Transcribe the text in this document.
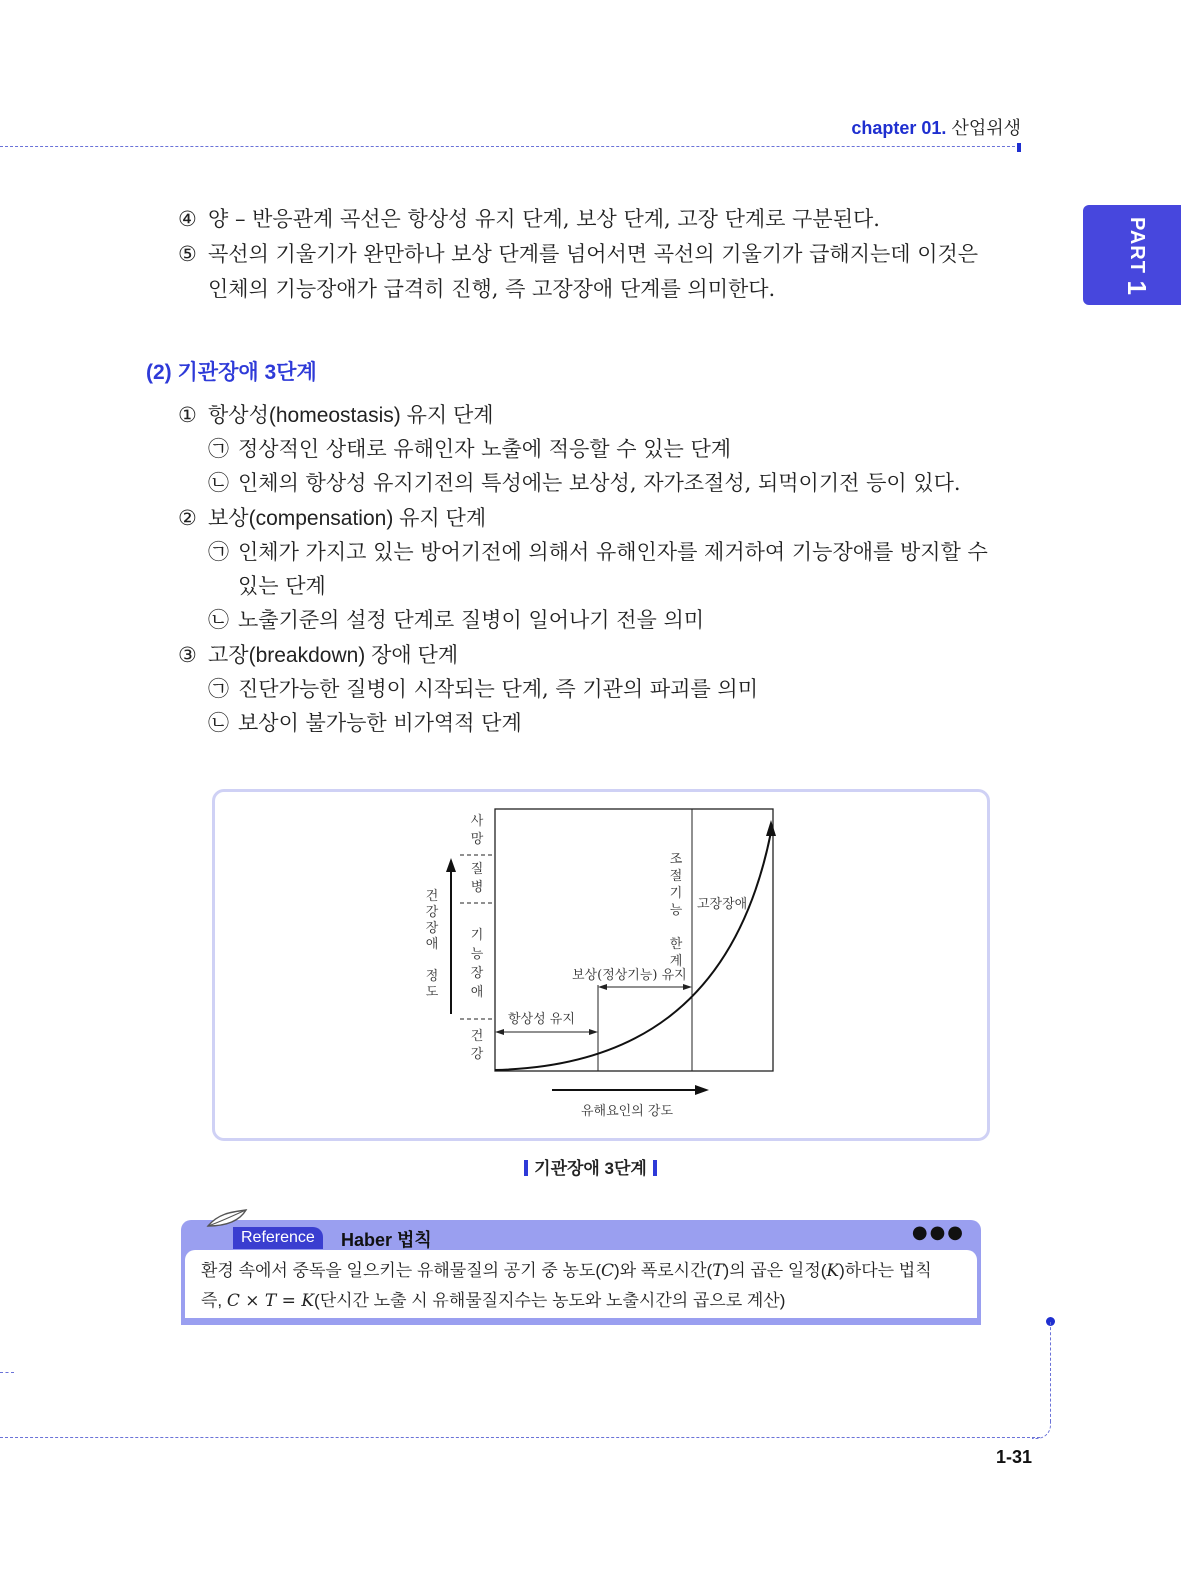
chapter 01. 산업위생
PART 1
④ 양 – 반응관계 곡선은 항상성 유지 단계, 보상 단계, 고장 단계로 구분된다.
⑤ 곡선의 기울기가 완만하나 보상 단계를 넘어서면 곡선의 기울기가 급해지는데 이것은
인체의 기능장애가 급격히 진행, 즉 고장장애 단계를 의미한다.
(2) 기관장애 3단계
① 항상성(homeostasis) 유지 단계
㉠ 정상적인 상태로 유해인자 노출에 적응할 수 있는 단계
㉡ 인체의 항상성 유지기전의 특성에는 보상성, 자가조절성, 되먹이기전 등이 있다.
② 보상(compensation) 유지 단계
㉠ 인체가 가지고 있는 방어기전에 의해서 유해인자를 제거하여 기능장애를 방지할 수
있는 단계
㉡ 노출기준의 설정 단계로 질병이 일어나기 전을 의미
③ 고장(breakdown) 장애 단계
㉠ 진단가능한 질병이 시작되는 단계, 즉 기관의 파괴를 의미
㉡ 보상이 불가능한 비가역적 단계
건
강
장
애
정
도
사
망
질
병
기
능
장
애
건
강
조
절
기
능
한
계
고장장애
보상(정상기능) 유지
항상성 유지
유해요인의 강도
기관장애 3단계
Reference	Haber 법칙	●●●
환경 속에서 중독을 일으키는 유해물질의 공기 중 농도(C)와 폭로시간(T)의 곱은 일정(K)하다는 법칙
즉, C × T = K(단시간 노출 시 유해물질지수는 농도와 노출시간의 곱으로 계산)
1-31
